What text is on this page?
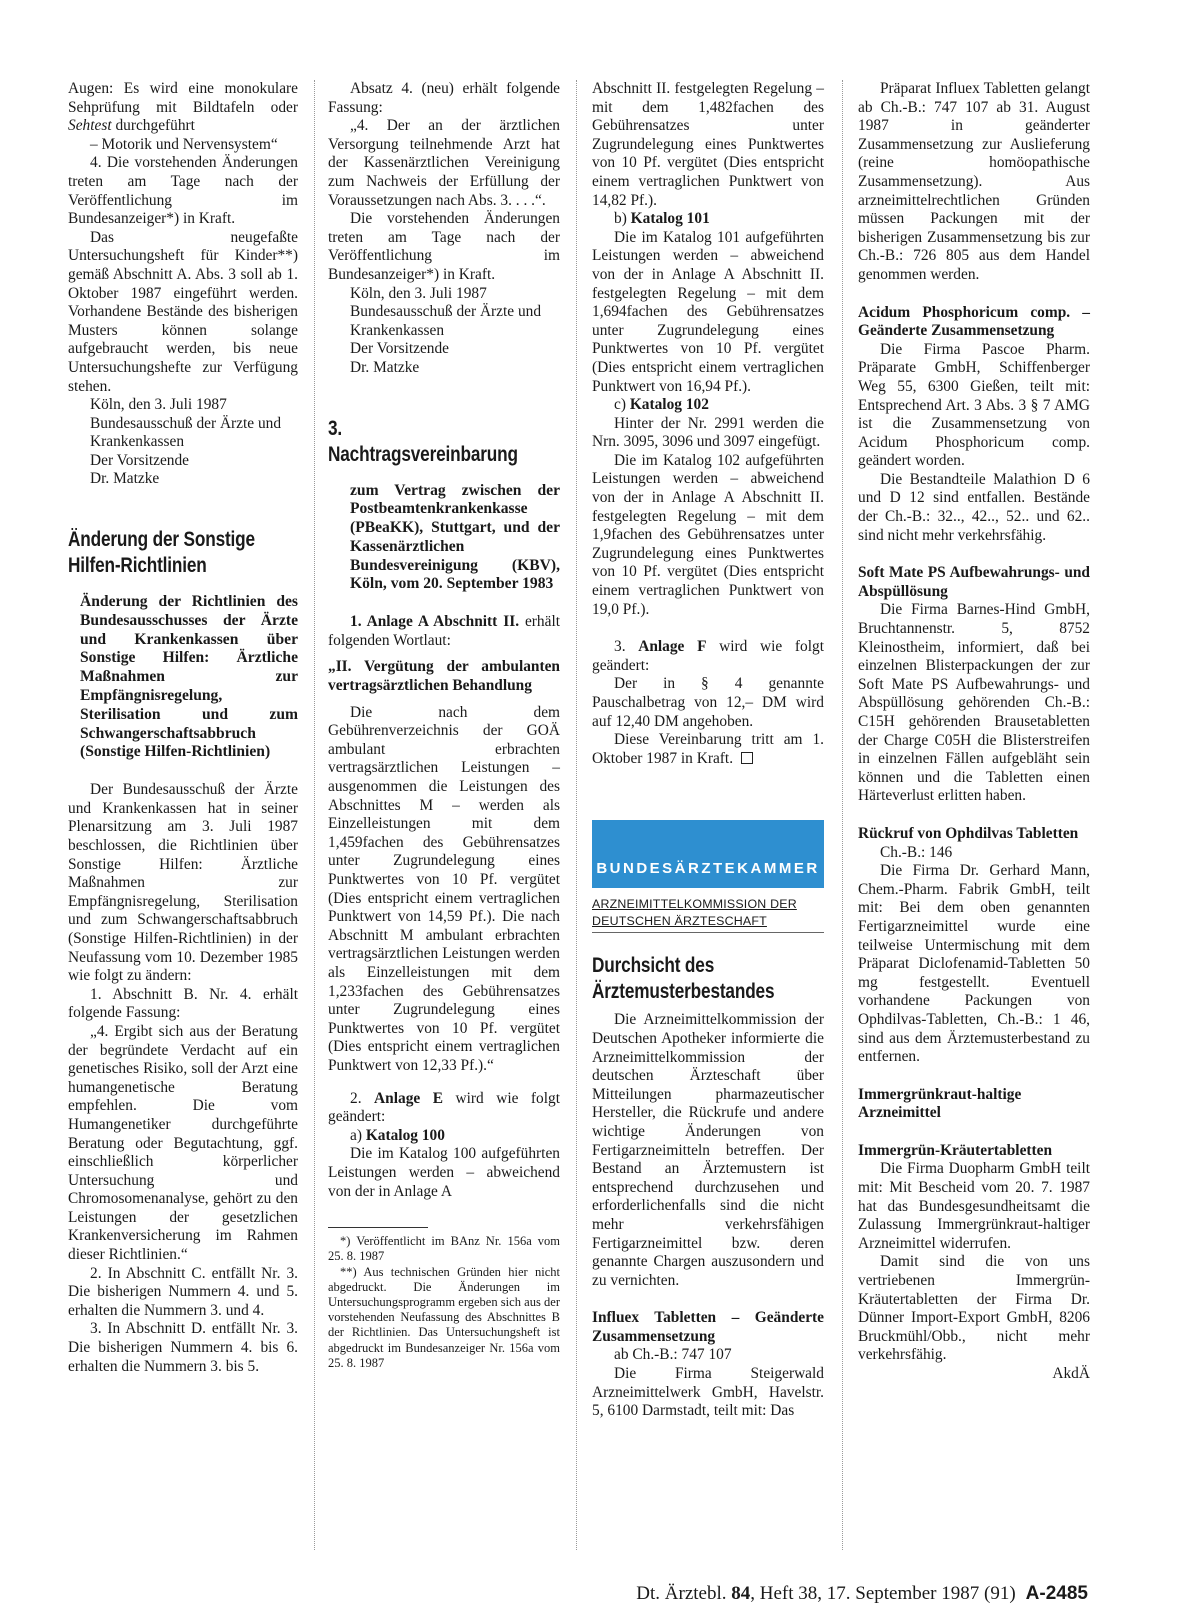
Augen: Es wird eine monokulare Sehprüfung mit Bildtafeln oder Sehtest durchgeführt

– Motorik und Nervensystem“

4. Die vorstehenden Änderungen treten am Tage nach der Veröffentlichung im Bundesanzeiger*) in Kraft.

Das neugefaßte Untersuchungsheft für Kinder**) gemäß Abschnitt A. Abs. 3 soll ab 1. Oktober 1987 eingeführt werden. Vorhandene Bestände des bisherigen Musters können solange aufgebraucht werden, bis neue Untersuchungshefte zur Verfügung stehen.

Köln, den 3. Juli 1987

Bundesausschuß der Ärzte und Krankenkassen

Der Vorsitzende

Dr. Matzke

Änderung der Sonstige Hilfen-Richtlinien
Änderung der Richtlinien des Bundesausschusses der Ärzte und Krankenkassen über Sonstige Hilfen: Ärztliche Maßnahmen zur Empfängnisregelung, Sterilisation und zum Schwangerschaftsabbruch (Sonstige Hilfen-Richtlinien)

Der Bundesausschuß der Ärzte und Krankenkassen hat in seiner Plenarsitzung am 3. Juli 1987 beschlossen, die Richtlinien über Sonstige Hilfen: Ärztliche Maßnahmen zur Empfängnisregelung, Sterilisation und zum Schwangerschaftsabbruch (Sonstige Hilfen-Richtlinien) in der Neufassung vom 10. Dezember 1985 wie folgt zu ändern:

1. Abschnitt B. Nr. 4. erhält folgende Fassung:

„4. Ergibt sich aus der Beratung der begründete Verdacht auf ein genetisches Risiko, soll der Arzt eine humangenetische Beratung empfehlen. Die vom Humangenetiker durchgeführte Beratung oder Begutachtung, ggf. einschließlich körperlicher Untersuchung und Chromosomenanalyse, gehört zu den Leistungen der gesetzlichen Krankenversicherung im Rahmen dieser Richtlinien.“

2. In Abschnitt C. entfällt Nr. 3. Die bisherigen Nummern 4. und 5. erhalten die Nummern 3. und 4.

3. In Abschnitt D. entfällt Nr. 3. Die bisherigen Nummern 4. bis 6. erhalten die Nummern 3. bis 5.

Absatz 4. (neu) erhält folgende Fassung:

„4. Der an der ärztlichen Versorgung teilnehmende Arzt hat der Kassenärztlichen Vereinigung zum Nachweis der Erfüllung der Voraussetzungen nach Abs. 3. . . .“.

Die vorstehenden Änderungen treten am Tage nach der Veröffentlichung im Bundesanzeiger*) in Kraft.

Köln, den 3. Juli 1987

Bundesausschuß der Ärzte und Krankenkassen

Der Vorsitzende

Dr. Matzke

3. Nachtragsvereinbarung
zum Vertrag zwischen der Postbeamtenkrankenkasse (PBeaKK), Stuttgart, und der Kassenärztlichen Bundesvereinigung (KBV), Köln, vom 20. September 1983

1. Anlage A Abschnitt II. erhält folgenden Wortlaut:

„II. Vergütung der ambulanten vertragsärztlichen Behandlung

Die nach dem Gebührenverzeichnis der GOÄ ambulant erbrachten vertragsärztlichen Leistungen – ausgenommen die Leistungen des Abschnittes M – werden als Einzelleistungen mit dem 1,459fachen des Gebührensatzes unter Zugrundelegung eines Punktwertes von 10 Pf. vergütet (Dies entspricht einem vertraglichen Punktwert von 14,59 Pf.). Die nach Abschnitt M ambulant erbrachten vertragsärztlichen Leistungen werden als Einzelleistungen mit dem 1,233fachen des Gebührensatzes unter Zugrundelegung eines Punktwertes von 10 Pf. vergütet (Dies entspricht einem vertraglichen Punktwert von 12,33 Pf.).“

2. Anlage E wird wie folgt geändert:

a) Katalog 100

Die im Katalog 100 aufgeführten Leistungen werden – abweichend von der in Anlage A

*) Veröffentlicht im BAnz Nr. 156a vom 25. 8. 1987

**) Aus technischen Gründen hier nicht abgedruckt. Die Änderungen im Untersuchungsprogramm ergeben sich aus der vorstehenden Neufassung des Abschnittes B der Richtlinien. Das Untersuchungsheft ist abgedruckt im Bundesanzeiger Nr. 156a vom 25. 8. 1987

Abschnitt II. festgelegten Regelung – mit dem 1,482fachen des Gebührensatzes unter Zugrundelegung eines Punktwertes von 10 Pf. vergütet (Dies entspricht einem vertraglichen Punktwert von 14,82 Pf.).

b) Katalog 101

Die im Katalog 101 aufgeführten Leistungen werden – abweichend von der in Anlage A Abschnitt II. festgelegten Regelung – mit dem 1,694fachen des Gebührensatzes unter Zugrundelegung eines Punktwertes von 10 Pf. vergütet (Dies entspricht einem vertraglichen Punktwert von 16,94 Pf.).

c) Katalog 102

Hinter der Nr. 2991 werden die Nrn. 3095, 3096 und 3097 eingefügt.

Die im Katalog 102 aufgeführten Leistungen werden – abweichend von der in Anlage A Abschnitt II. festgelegten Regelung – mit dem 1,9fachen des Gebührensatzes unter Zugrundelegung eines Punktwertes von 10 Pf. vergütet (Dies entspricht einem vertraglichen Punktwert von 19,0 Pf.).

3. Anlage F wird wie folgt geändert:

Der in § 4 genannte Pauschalbetrag von 12,– DM wird auf 12,40 DM angehoben.

Diese Vereinbarung tritt am 1. Oktober 1987 in Kraft.

BUNDESÄRZTEKAMMER
ARZNEIMITTELKOMMISSION DER DEUTSCHEN ÄRZTESCHAFT
Durchsicht des Ärztemusterbestandes

Die Arzneimittelkommission der Deutschen Apotheker informierte die Arzneimittelkommission der deutschen Ärzteschaft über Mitteilungen pharmazeutischer Hersteller, die Rückrufe und andere wichtige Änderungen von Fertigarzneimitteln betreffen. Der Bestand an Ärztemustern ist entsprechend durchzusehen und erforderlichenfalls sind die nicht mehr verkehrsfähigen Fertigarzneimittel bzw. deren genannte Chargen auszusondern und zu vernichten.

Influex Tabletten – Geänderte Zusammensetzung

ab Ch.-B.: 747 107

Die Firma Steigerwald Arzneimittelwerk GmbH, Havelstr. 5, 6100 Darmstadt, teilt mit: Das

Präparat Influex Tabletten gelangt ab Ch.-B.: 747 107 ab 31. August 1987 in geänderter Zusammensetzung zur Auslieferung (reine homöopathische Zusammensetzung). Aus arzneimittelrechtlichen Gründen müssen Packungen mit der bisherigen Zusammensetzung bis zur Ch.-B.: 726 805 aus dem Handel genommen werden.

Acidum Phosphoricum comp. – Geänderte Zusammensetzung

Die Firma Pascoe Pharm. Präparate GmbH, Schiffenberger Weg 55, 6300 Gießen, teilt mit: Entsprechend Art. 3 Abs. 3 § 7 AMG ist die Zusammensetzung von Acidum Phosphoricum comp. geändert worden.

Die Bestandteile Malathion D 6 und D 12 sind entfallen. Bestände der Ch.-B.: 32.., 42.., 52.. und 62.. sind nicht mehr verkehrsfähig.

Soft Mate PS Aufbewahrungs- und Abspüllösung

Die Firma Barnes-Hind GmbH, Bruchtannenstr. 5, 8752 Kleinostheim, informiert, daß bei einzelnen Blisterpackungen der zur Soft Mate PS Aufbewahrungs- und Abspüllösung gehörenden Ch.-B.: C15H gehörenden Brausetabletten der Charge C05H die Blisterstreifen in einzelnen Fällen aufgebläht sein können und die Tabletten einen Härteverlust erlitten haben.

Rückruf von Ophdilvas Tabletten

Ch.-B.: 146

Die Firma Dr. Gerhard Mann, Chem.-Pharm. Fabrik GmbH, teilt mit: Bei dem oben genannten Fertigarzneimittel wurde eine teilweise Untermischung mit dem Präparat Diclofenamid-Tabletten 50 mg festgestellt. Eventuell vorhandene Packungen von Ophdilvas-Tabletten, Ch.-B.: 1 46, sind aus dem Ärztemusterbestand zu entfernen.

Immergrünkraut-haltige Arzneimittel
Immergrün-Kräutertabletten

Die Firma Duopharm GmbH teilt mit: Mit Bescheid vom 20. 7. 1987 hat das Bundesgesundheitsamt die Zulassung Immergrünkraut-haltiger Arzneimittel widerrufen.

Damit sind die von uns vertriebenen Immergrün-Kräutertabletten der Firma Dr. Dünner Import-Export GmbH, 8206 Bruckmühl/Obb., nicht mehr verkehrsfähig.

AkdÄ

Dt. Ärztebl. 84, Heft 38, 17. September 1987 (91) A-2485
